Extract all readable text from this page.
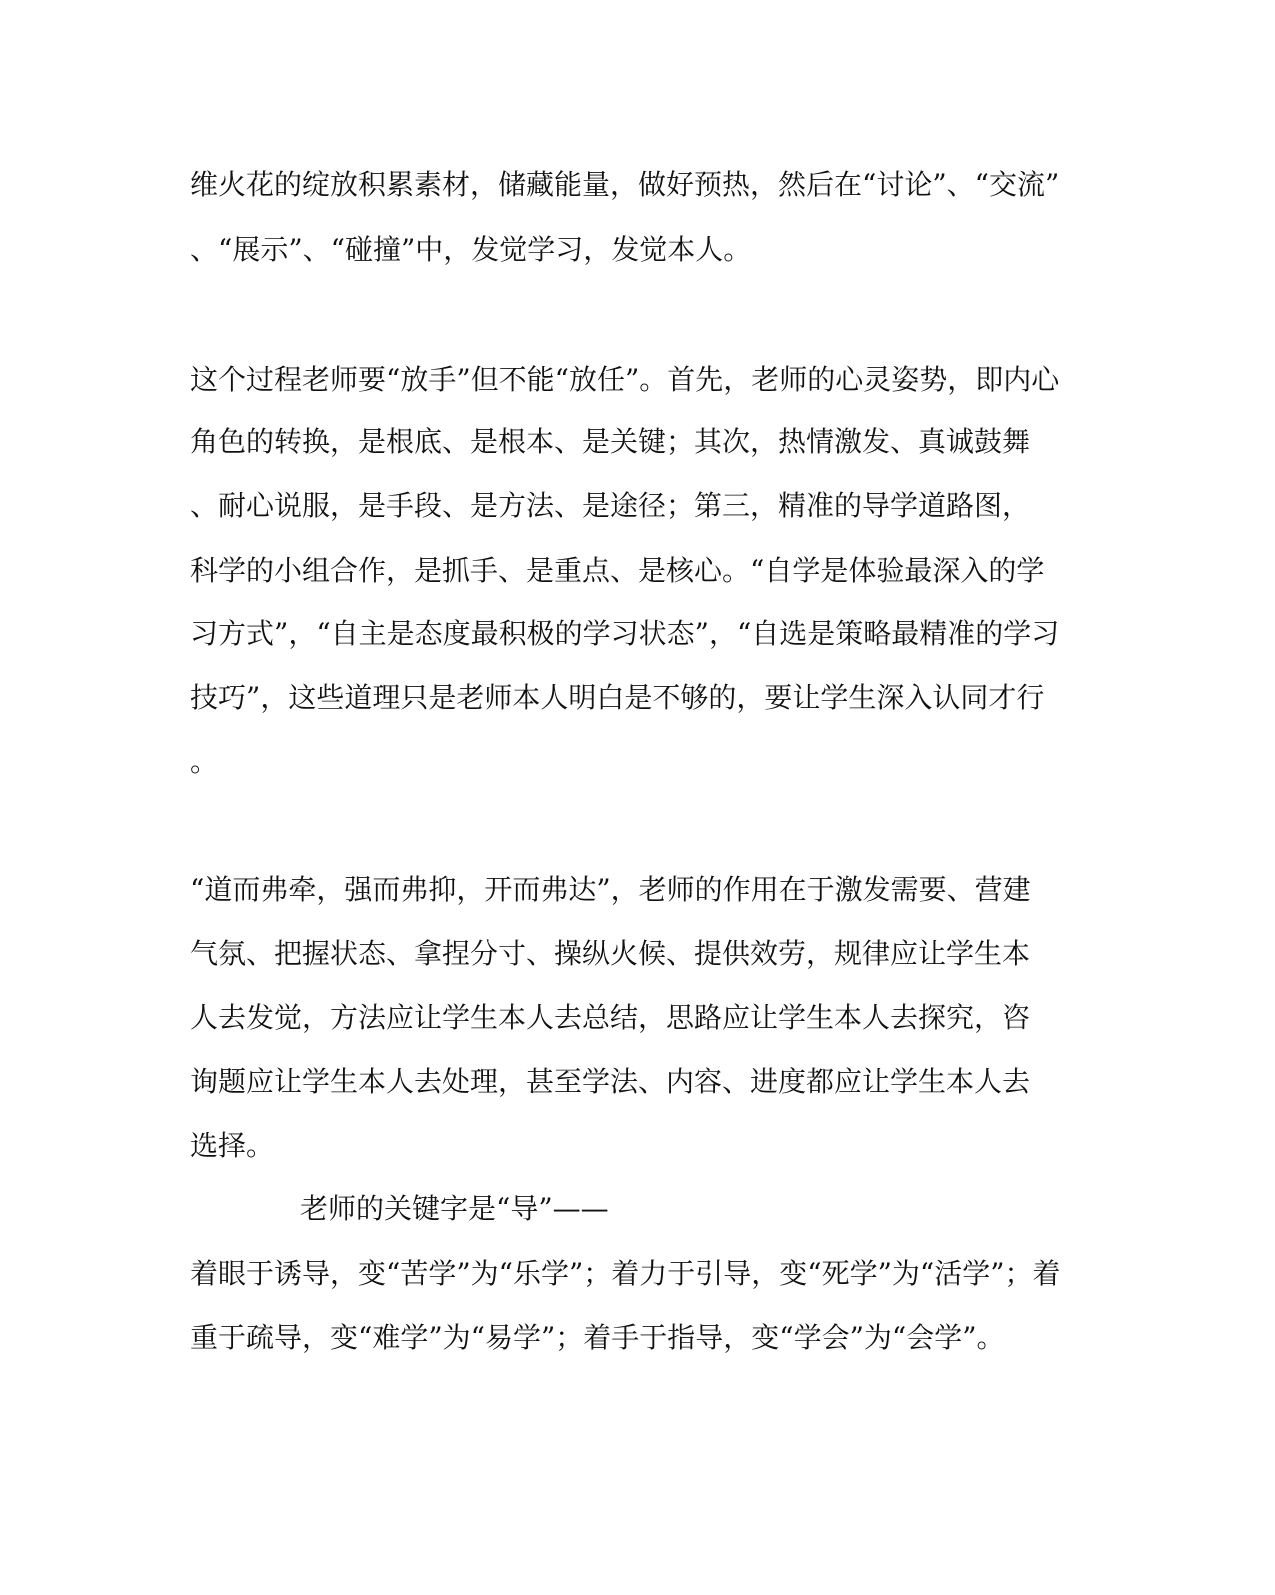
维火花的绽放积累素材，储藏能量，做好预热，然后在“讨论”、“交流”
、“展示”、“碰撞”中，发觉学习，发觉本人。
这个过程老师要“放手”但不能“放任”。首先，老师的心灵姿势，即内心
角色的转换，是根底、是根本、是关键；其次，热情激发、真诚鼓舞
、耐心说服，是手段、是方法、是途径；第三，精准的导学道路图，
科学的小组合作，是抓手、是重点、是核心。“自学是体验最深入的学
习方式”，“自主是态度最积极的学习状态”，“自选是策略最精准的学习
技巧”，这些道理只是老师本人明白是不够的，要让学生深入认同才行
。
“道而弗牵，强而弗抑，开而弗达”，老师的作用在于激发需要、营建
气氛、把握状态、拿捏分寸、操纵火候、提供效劳，规律应让学生本
人去发觉，方法应让学生本人去总结，思路应让学生本人去探究，咨
询题应让学生本人去处理，甚至学法、内容、进度都应让学生本人去
选择。
老师的关键字是“导”——
着眼于诱导，变“苦学”为“乐学”；着力于引导，变“死学”为“活学”；着
重于疏导，变“难学”为“易学”；着手于指导，变“学会”为“会学”。
